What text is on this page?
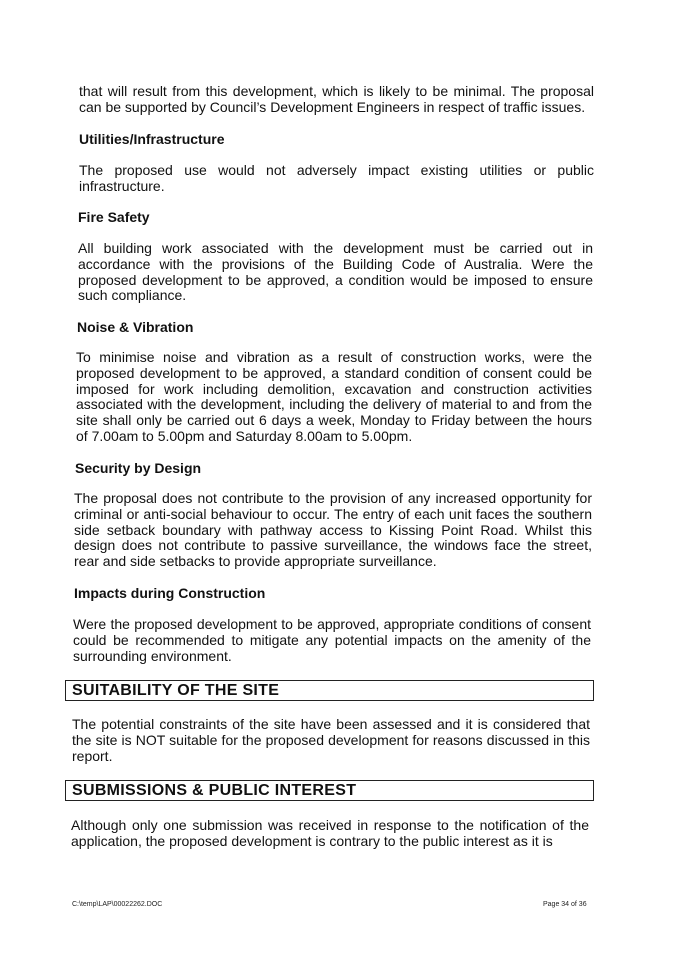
that will result from this development, which is likely to be minimal. The proposal can be supported by Council’s Development Engineers in respect of traffic issues.

Utilities/Infrastructure

The proposed use would not adversely impact existing utilities or public infrastructure.

Fire Safety

All building work associated with the development must be carried out in accordance with the provisions of the Building Code of Australia. Were the proposed development to be approved, a condition would be imposed to ensure such compliance.

Noise & Vibration

To minimise noise and vibration as a result of construction works, were the proposed development to be approved, a standard condition of consent could be imposed for work including demolition, excavation and construction activities associated with the development, including the delivery of material to and from the site shall only be carried out 6 days a week, Monday to Friday between the hours of 7.00am to 5.00pm and Saturday 8.00am to 5.00pm.

Security by Design

The proposal does not contribute to the provision of any increased opportunity for criminal or anti-social behaviour to occur. The entry of each unit faces the southern side setback boundary with pathway access to Kissing Point Road. Whilst this design does not contribute to passive surveillance, the windows face the street, rear and side setbacks to provide appropriate surveillance.

Impacts during Construction

Were the proposed development to be approved, appropriate conditions of consent could be recommended to mitigate any potential impacts on the amenity of the surrounding environment.

SUITABILITY OF THE SITE

The potential constraints of the site have been assessed and it is considered that the site is NOT suitable for the proposed development for reasons discussed in this report.

SUBMISSIONS & PUBLIC INTEREST

Although only one submission was received in response to the notification of the application, the proposed development is contrary to the public interest as it is

C:\temp\LAP\00022262.DOC	Page 34 of 36
